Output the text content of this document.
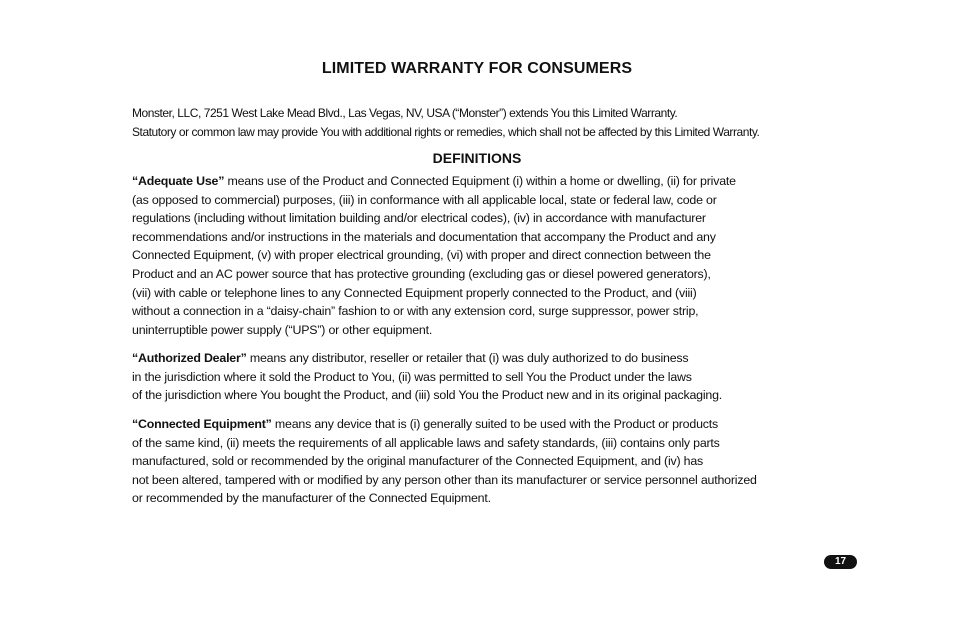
LIMITED WARRANTY FOR CONSUMERS
Monster, LLC, 7251 West Lake Mead Blvd., Las Vegas, NV, USA (“Monster”) extends You this Limited Warranty.
Statutory or common law may provide You with additional rights or remedies, which shall not be affected by this Limited Warranty.
DEFINITIONS
“Adequate Use” means use of the Product and Connected Equipment (i) within a home or dwelling, (ii) for private
(as opposed to commercial) purposes, (iii) in conformance with all applicable local, state or federal law, code or
regulations (including without limitation building and/or electrical codes), (iv) in accordance with manufacturer
recommendations and/or instructions in the materials and documentation that accompany the Product and any
Connected Equipment, (v) with proper electrical grounding, (vi) with proper and direct connection between the
Product and an AC power source that has protective grounding (excluding gas or diesel powered generators),
(vii) with cable or telephone lines to any Connected Equipment properly connected to the Product, and (viii)
without a connection in a “daisy-chain” fashion to or with any extension cord, surge suppressor, power strip,
uninterruptible power supply (“UPS”) or other equipment.
“Authorized Dealer” means any distributor, reseller or retailer that (i) was duly authorized to do business
in the jurisdiction where it sold the Product to You, (ii) was permitted to sell You the Product under the laws
of the jurisdiction where You bought the Product, and (iii) sold You the Product new and in its original packaging.
“Connected Equipment” means any device that is (i) generally suited to be used with the Product or products
of the same kind, (ii) meets the requirements of all applicable laws and safety standards, (iii) contains only parts
manufactured, sold or recommended by the original manufacturer of the Connected Equipment, and (iv) has
not been altered, tampered with or modified by any person other than its manufacturer or service personnel authorized
or recommended by the manufacturer of the Connected Equipment.
17
